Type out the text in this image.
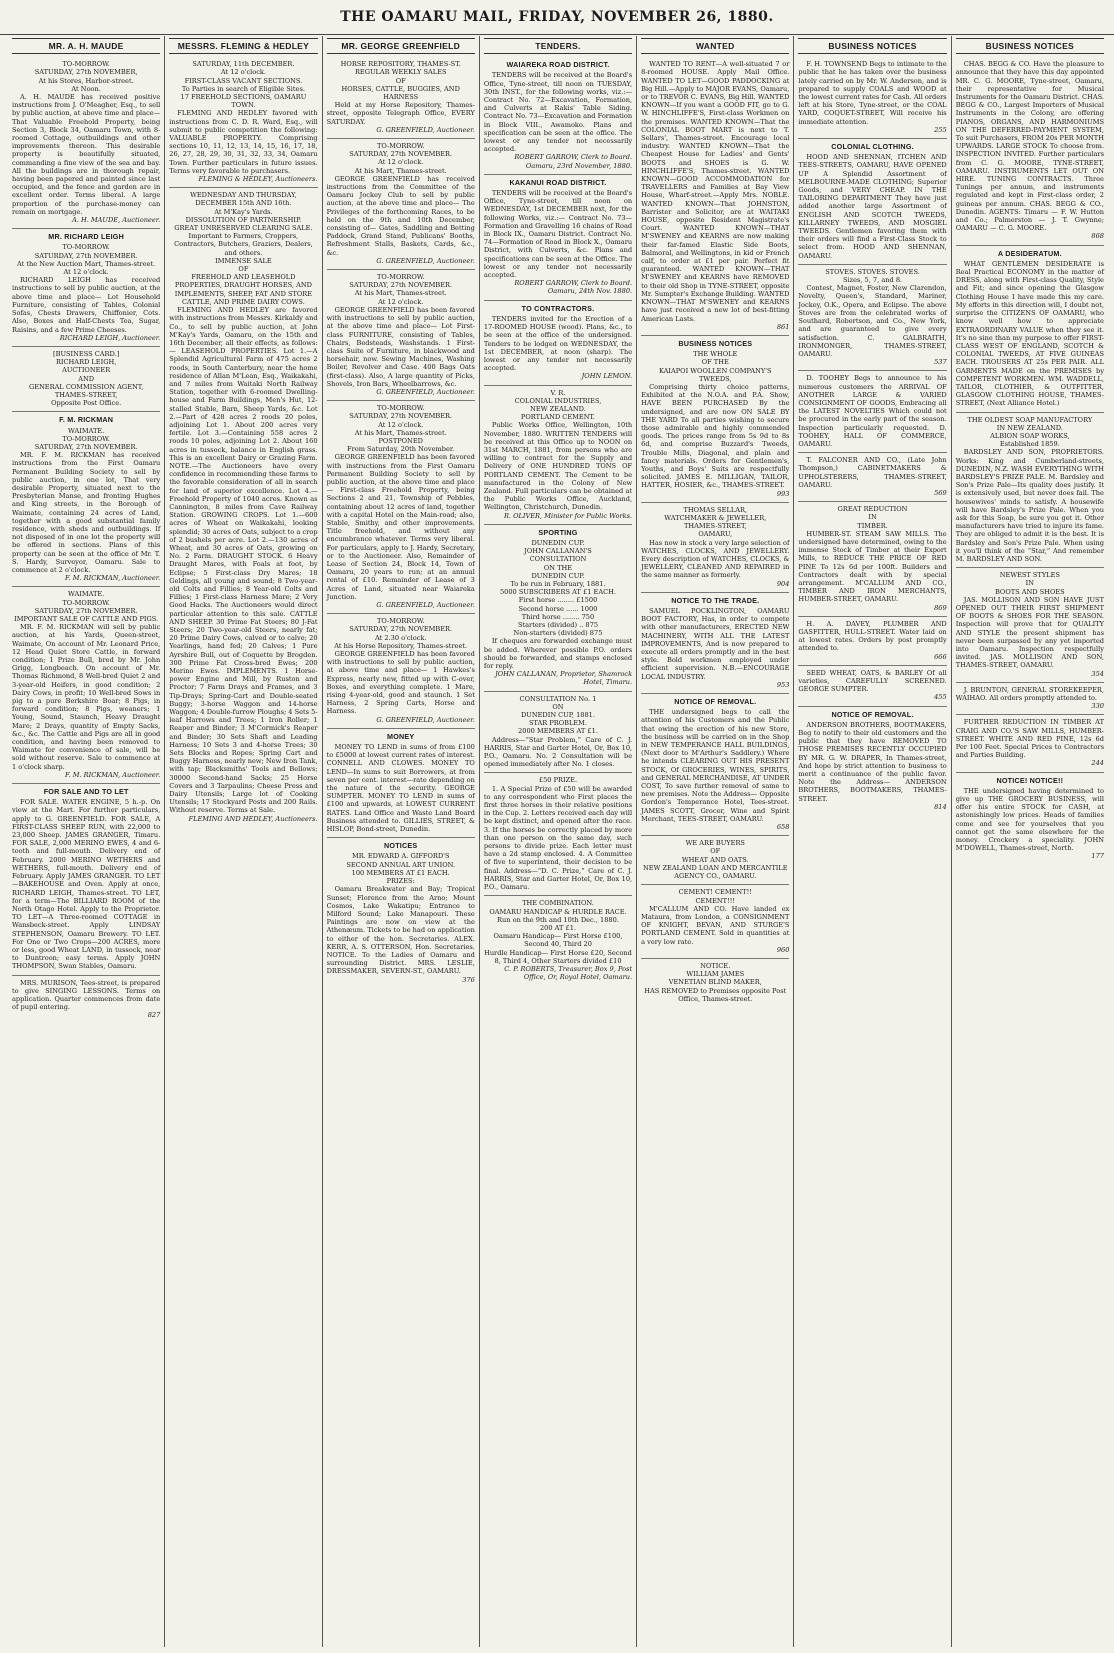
THE OAMARU MAIL, FRIDAY, NOVEMBER 26, 1880.
MR. A. H. MAUDE
TO-MORROW.
SATURDAY, 27th NOVEMBER,
At his Stores, Harbor-street.
At Noon.
A. H. MAUDE has received positive instructions from J. O'Meagher, Esq., to sell by public auction, at above time and place— That Valuable Freehold Property, being Section 3, Block 34, Oamaru Town, with 8-roomed Cottage, outbuildings and other improvements thereon. This desirable property is beautifully situated, commanding a fine view of the sea and bay. All the buildings are in thorough repair, having been papered and painted since last occupied, and the fence and garden are in excellent order. Terms liberal. A large proportion of the purchase-money can remain on mortgage.
A. H. MAUDE, Auctioneer.
MR. RICHARD LEIGH
TO-MORROW.
SATURDAY, 27th NOVEMBER.
At the New Auction Mart, Thames-street.
At 12 o'clock.
RICHARD LEIGH has received instructions to sell by public auction, at the above time and place— Lot Household Furniture, consisting of Tables, Colonial Sofas, Chests Drawers, Chiffonier, Cots. Also, Boxes and Half-Chests Tea, Sugar, Raisins, and a few Prime Cheeses.
RICHARD LEIGH, Auctioneer.
[BUSINESS CARD.]
RICHARD LEIGH,
AUCTIONEER
AND
GENERAL COMMISSION AGENT,
THAMES-STREET,
Opposite Post Office.
F. M. RICKMAN
WAIMATE.
TO-MORROW.
SATURDAY, 27th NOVEMBER.
MR. F. M. RICKMAN has received instructions from the First Oamaru Permanent Building Society to sell by public auction, in one lot, That very desirable Property, situated next to the Presbyterian Manse, and fronting Hughes and King streets, in the Borough of Waimate, containing 24 acres of Land, together with a good substantial family residence, with sheds and outbuildings. If not disposed of in one lot the property will be offered in sections. Plans of this property can be seen at the office of Mr. T. S. Hardy, Surveyor, Oamaru. Sale to commence at 2 o'clock.
F. M. RICKMAN, Auctioneer.
WAIMATE.
TO-MORROW.
SATURDAY, 27th NOVEMBER.
IMPORTANT SALE OF CATTLE AND PIGS.
MR. F. M. RICKMAN will sell by public auction, at his Yards, Queen-street, Waimate, On account of Mr. Leonard Price, 12 Head Quiet Store Cattle, in forward condition; 1 Prize Bull, bred by Mr. John Grigg, Longbeach. On account of Mr. Thomas Richmond, 8 Well-bred Quiet 2 and 3-year-old Heifers, in good condition; 2 Dairy Cows, in profit; 10 Well-bred Sows in pig to a pure Berkshire Boar; 8 Pigs, in forward condition; 8 Pigs, weaners; 1 Young, Sound, Staunch, Heavy Draught Mare; 2 Drays, quantity of Empty Sacks, &c., &c. The Cattle and Pigs are all in good condition, and having been removed to Waimate for convenience of sale, will be sold without reserve. Sale to commence at 1 o'clock sharp.
F. M. RICKMAN, Auctioneer.
FOR SALE AND TO LET
FOR SALE. WATER ENGINE, 5 h.-p. On view at the Mart. For further particulars, apply to G. GREENFIELD. FOR SALE, A FIRST-CLASS SHEEP RUN, with 22,000 to 23,000 Sheep. JAMES GRANGER, Timaru. FOR SALE, 2,000 MERINO EWES, 4 and 6-tooth and full-mouth. Delivery end of February. 2000 MERINO WETHERS and WETHERS, full-mouth. Delivery end of February. Apply JAMES GRANGER. TO LET—BAKEHOUSE and Oven. Apply at once, RICHARD LEIGH, Thames-street. TO LET, for a term—The BILLIARD ROOM of the North Otago Hotel. Apply to the Proprietor. TO LET—A Three-roomed COTTAGE in Wansbeck-street. Apply LINDSAY STEPHENSON, Oamaru Brewery. TO LET. For One or Two Crops—200 ACRES, more or less, good Wheat LAND, in tussock, near to Duntroon; easy terms. Apply JOHN THOMPSON, Swan Stables, Oamaru.
MRS. MURISON, Tees-street, is prepared to give SINGING LESSONS. Terms on application. Quarter commences from date of pupil entering.
827
MESSRS. FLEMING & HEDLEY
SATURDAY, 11th DECEMBER.
At 12 o'clock.
FIRST-CLASS VACANT SECTIONS.
To Parties in search of Eligible Sites.
17 FREEHOLD SECTIONS, OAMARU TOWN.
FLEMING AND HEDLEY favored with instructions from C. D. R. Ward, Esq., will submit to public competition the following: VALUABLE PROPERTY. Comprising sections 10, 11, 12, 13, 14, 15, 16, 17, 18, 26, 27, 28, 29, 30, 31, 32, 33, 34, Oamaru Town. Further particulars in future issues. Terms very favorable to purchasers.
FLEMING & HEDLEY, Auctioneers.
WEDNESDAY AND THURSDAY, DECEMBER 15th AND 16th.
At M'Kay's Yards.
DISSOLUTION OF PARTNERSHIP.
GREAT UNRESERVED CLEARING SALE.
Important to Farmers, Croppers, Contractors, Butchers, Graziers, Dealers, and others.
IMMENSE SALE
OF
FREEHOLD AND LEASEHOLD PROPERTIES, DRAUGHT HORSES, AND IMPLEMENTS, SHEEP, FAT AND STORE CATTLE, AND PRIME DAIRY COWS.
FLEMING AND HEDLEY are favored with instructions from Messrs. Kirkaldy and Co., to sell by public auction, at John M'Kay's Yards, Oamaru, on the 15th and 16th December, all their effects, as follows:— LEASEHOLD PROPERTIES. Lot 1.—A Splendid Agricultural Farm of 475 acres 2 roods, in South Canterbury, near the home residence of Allan M'Lean, Esq., Waikakahi, and 7 miles from Waitaki North Railway Station, together with 6-roomed Dwelling-house and Farm Buildings, Men's Hut, 12-stalled Stable, Barn, Sheep Yards, &c. Lot 2.—Part of 428 acres 2 roods 20 poles, adjoining Lot 1. About 200 acres very fertile. Lot 3.—Containing 558 acres 2 roods 10 poles, adjoining Lot 2. About 160 acres in tussock, balance in English grass. This is an excellent Dairy or Grazing Farm. NOTE.—The Auctioneers have every confidence in recommending these farms to the favorable consideration of all in search for land of superior excellence. Lot 4.—Freehold Property of 1040 acres. Known as Cannington, 8 miles from Cave Railway Station. GROWING CROPS. Lot 1.—600 acres of Wheat on Waikakahi, looking splendid; 30 acres of Oats, subject to a crop of 2 bushels per acre. Lot 2.—130 acres of Wheat, and 30 acres of Oats, growing on No. 2 Farm. DRAUGHT STOCK. 6 Heavy Draught Mares, with Foals at foot, by Eclipse; 5 First-class Dry Mares; 18 Geldings, all young and sound; 8 Two-year-old Colts and Fillies; 8 Year-old Colts and Fillies; 1 First-class Harness Mare; 2 Very Good Hacks. The Auctioneers would direct particular attention to this sale. CATTLE AND SHEEP. 30 Prime Fat Steers; 80 J-Fat Steers; 20 Two-year-old Steers, nearly fat; 20 Prime Dairy Cows, calved or to calve; 20 Yearlings, hand fed; 20 Calves; 1 Pure Ayrshire Bull, out of Coquette by Brogden. 300 Prime Fat Cross-bred Ewes; 200 Merino Ewes. IMPLEMENTS. 1 Horse-power Engine and Mill, by Ruston and Proctor; 7 Farm Drays and Frames, and 3 Tip-Drays; Spring-Cart and Double-seated Buggy; 3-horse Waggon and 14-horse Waggon; 4 Double-furrow Ploughs; 4 Sets 5-leaf Harrows and Trees; 1 Iron Roller; 1 Reaper and Binder; 3 M'Cormick's Reaper and Binder; 30 Sets Shaft and Leading Harness; 10 Sets 3 and 4-horse Trees; 30 Sets Blocks and Ropes; Spring Cart and Buggy Harness, nearly new; New Iron Tank, with tap; Blacksmiths' Tools and Bellows; 30000 Second-hand Sacks; 25 Horse Covers and 3 Tarpaulins; Cheese Press and Dairy Utensils; Large lot of Cooking Utensils; 17 Stockyard Posts and 200 Rails. Without reserve. Terms at Sale.
FLEMING AND HEDLEY, Auctioneers.
MR. GEORGE GREENFIELD
HORSE REPOSITORY, THAMES-ST.
REGULAR WEEKLY SALES
OF
HORSES, CATTLE, BUGGIES, AND HARNESS
Held at my Horse Repository, Thames-street, opposite Telegraph Office, EVERY SATURDAY.
G. GREENFIELD, Auctioneer.
TO-MORROW.
SATURDAY, 27th NOVEMBER.
At 12 o'clock.
At his Mart, Thames-street.
GEORGE GREENFIELD has received instructions from the Committee of the Oamaru Jockey Club to sell by public auction, at the above time and place— The Privileges of the forthcoming Races, to be held on the 9th and 10th December, consisting of— Gates, Saddling and Betting Paddock, Grand Stand, Publicans' Booths, Refreshment Stalls, Baskets, Cards, &c., &c.
G. GREENFIELD, Auctioneer.
TO-MORROW.
SATURDAY, 27th NOVEMBER.
At his Mart, Thames-street.
At 12 o'clock.
GEORGE GREENFIELD has been favored with instructions to sell by public auction, at the above time and place— Lot First-class FURNITURE, consisting of Tables, Chairs, Bedsteads, Washstands. 1 First-class Suite of Furniture, in blackwood and horsehair, now. Sewing Machines, Washing Boiler, Revolver and Case. 400 Bags Oats (first-class). Also, A large quantity of Picks, Shovels, Iron Bars, Wheelbarrows, &c.
G. GREENFIELD, Auctioneer.
TO-MORROW.
SATURDAY, 27th NOVEMBER.
At 12 o'clock.
At his Mart, Thames-street.
POSTPONED
From Saturday, 20th November.
GEORGE GREENFIELD has been favored with instructions from the First Oamaru Permanent Building Society to sell by public auction, at the above time and place— First-class Freehold Property, being Sections 2 and 21, Township of Pebbles, containing about 12 acres of land, together with a capital Hotel on the Main-road; also, Stable, Smithy, and other improvements. Title freehold, and without any encumbrance whatever. Terms very liberal. For particulars, apply to J. Hardy, Secretary, or to the Auctioneer. Also, Remainder of Lease of Section 24, Block 14, Town of Oamaru, 20 years to run; at an annual rental of £10. Remainder of Lease of 3 Acres of Land, situated near Waiareka Junction.
G. GREENFIELD, Auctioneer.
TO-MORROW.
SATURDAY, 27th NOVEMBER.
At 2.30 o'clock.
At his Horse Repository, Thames-street.
GEORGE GREENFIELD has been favored with instructions to sell by public auction, at above time and place— 1 Hawkes's Express, nearly new, fitted up with C-over, Boxes, and everything complete. 1 Mare, rising 4-year-old, good and staunch. 1 Set Harness, 2 Spring Carts, Horse and Harness.
G. GREENFIELD, Auctioneer.
MONEY
MONEY TO LEND in sums of from £100 to £5000 at lowest current rates of interest. CONNELL AND CLOWES. MONEY TO LEND—In sums to suit Borrowers, at from seven per cent. interest—rate depending on the nature of the security. GEORGE SUMPTER. MONEY TO LEND in sums of £100 and upwards, at LOWEST CURRENT RATES. Land Office and Waste Land Board Business attended to. GILLIES, STREET, & HISLOP, Bond-street, Dunedin.
NOTICES
MR. EDWARD A. GIFFORD'S
SECOND ANNUAL ART UNION.
100 MEMBERS AT £1 EACH.
PRIZES:
Oamaru Breakwater and Bay; Tropical Sunset; Florence from the Arno; Mount Cosmos, Lake Wakatipu; Entrance to Milford Sound; Lake Manapouri. These Paintings are now on view at the Athenæum. Tickets to be had on application to either of the hon. Secretaries. ALEX. KERR, A. S. OTTERSON, Hon. Secretaries. NOTICE. To the Ladies of Oamaru and surrounding District. MRS. LESLIE, DRESSMAKER, SEVERN-ST., OAMARU.
376
TENDERS.
WAIAREKA ROAD DISTRICT.
TENDERS will be received at the Board's Office, Tyne-street, till noon on TUESDAY, 30th INST., for the following works, viz.:— Contract No. 72—Excavation, Formation, and Culverts at Rakis' Table Siding. Contract No. 73—Excavation and Formation in Block VIII., Awamoko. Plans and specification can be seen at the office. The lowest or any tender not necessarily accepted.
ROBERT GARROW, Clerk to Board. Oamaru, 23rd November, 1880.
KAKANUI ROAD DISTRICT.
TENDERS will be received at the Board's Office, Tyne-street, till noon on WEDNESDAY, 1st DECEMBER next, for the following Works, viz.:— Contract No. 73—Formation and Gravelling 16 chains of Road in Block IX., Oamaru District. Contract No. 74—Formation of Road in Block X., Oamaru District, with Culverts, &c. Plans and specifications can be seen at the Office. The lowest or any tender not necessarily accepted.
ROBERT GARROW, Clerk to Board. Oamaru, 24th Nov. 1880.
TO CONTRACTORS.
TENDERS invited for the Erection of a 17-ROOMED HOUSE (wood). Plans, &c., to be seen at the office of the undersigned. Tenders to be lodged on WEDNESDAY, the 1st DECEMBER, at noon (sharp). The lowest or any tender not necessarily accepted.
JOHN LEMON.
V. R.
COLONIAL INDUSTRIES,
NEW ZEALAND.
PORTLAND CEMENT.
Public Works Office, Wellington, 10th November, 1880. WRITTEN TENDERS will be received at this Office up to NOON on 31st MARCH, 1881, from persons who are willing to contract for the Supply and Delivery of ONE HUNDRED TONS OF PORTLAND CEMENT. The Cement to be manufactured in the Colony of New Zealand. Full particulars can be obtained at the Public Works Office, Auckland, Wellington, Christchurch, Dunedin.
R. OLIVER, Minister for Public Works.
SPORTING
DUNEDIN CUP.
JOHN CALLANAN'S
CONSULTATION
ON THE
DUNEDIN CUP.
To be run in February, 1881.
5000 SUBSCRIBERS AT £1 EACH.
First horse ........ £1500
Second horse ...... 1000
Third horse ........ 750
Starters (divided) .. 875
Non-starters (divided) 875
If cheques are forwarded exchange must be added. Wherever possible P.O. orders should be forwarded, and stamps enclosed for reply.
JOHN CALLANAN, Proprietor, Shamrock Hotel, Timaru.
CONSULTATION No. 1
ON
DUNEDIN CUP, 1881.
STAR PROBLEM.
2000 MEMBERS AT £1.
Address—“Star Problem,” Care of C. J. HARRIS, Star and Garter Hotel, Or, Box 10, P.O., Oamaru. No. 2 Consultation will be opened immediately after No. 1 closes.
£50 PRIZE.
1. A Special Prize of £50 will be awarded to any correspondent who First places the first three horses in their relative positions in the Cup. 2. Letters received each day will be kept distinct, and opened after the race. 3. If the horses be correctly placed by more than one person on the same day, such persons to divide prize. Each letter must have a 2d stamp enclosed. 4. A Committee of five to superintend, their decision to be final. Address—“D. C. Prize,” Care of C. J. HARRIS, Star and Garter Hotel, Or, Box 10, P.O., Oamaru.
THE COMBINATION.
OAMARU HANDICAP & HURDLE RACE.
Run on the 9th and 10th Dec., 1880.
200 AT £1.
Oamaru Handicap— First Horse £100, Second 40, Third 20
Hurdle Handicap— First Horse £20, Second 8, Third 4, Other Starters divided £10
C. P. ROBERTS, Treasurer, Box 9, Post Office, Or, Royal Hotel, Oamaru.
WANTED
WANTED TO RENT—A well-situated 7 or 8-roomed HOUSE. Apply Mail Office. WANTED TO LET—GOOD PADDOCKING at Big Hill.—Apply to MAJOR EVANS, Oamaru, or to TREVOR C. EVANS, Big Hill. WANTED KNOWN—If you want a GOOD FIT, go to G. W. HINCHLIFFE'S, First-class Workmen on the premises. WANTED KNOWN—That the COLONIAL BOOT MART is next to T. Sellars', Thames-street. Encourage local industry. WANTED KNOWN—That the Cheapest House for Ladies' and Gents' BOOTS and SHOES is G. W. HINCHLIFFE'S, Thames-street. WANTED KNOWN—GOOD ACCOMMODATION for TRAVELLERS and Families at Bay View House, Wharf-street.—Apply Mrs. NOBLE. WANTED KNOWN—That JOHNSTON, Barrister and Solicitor, are at WAITAKI HOUSE, opposite Resident Magistrate's Court. WANTED KNOWN—THAT M'SWENEY and KEARNS are now making their far-famed Elastic Side Boots, Balmoral, and Wellingtons, in kid or French calf, to order at £1 per pair. Perfect fit guaranteed. WANTED KNOWN—THAT M'SWENEY and KEARNS have REMOVED to their old Shop in TYNE-STREET, opposite Mr. Sumpter's Exchange Building. WANTED KNOWN—THAT M'SWENEY and KEARNS have just received a new lot of best-fitting American Lasts.
861
BUSINESS NOTICES
THE WHOLE
OF THE
KAIAPOI WOOLLEN COMPANY'S
TWEEDS,
Comprising thirty choice patterns, Exhibited at the N.O.A. and P.A. Show, HAVE BEEN PURCHASED By the undersigned, and are now ON SALE BY THE YARD To all parties wishing to secure those admirable and highly commended goods. The prices range from 5s 9d to 8s 6d, and comprise Buzzard's Tweeds, Trouble Mills, Diagonal, and plain and fancy materials. Orders for Gentlemen's, Youths, and Boys' Suits are respectfully solicited. JAMES E. MILLIGAN, TAILOR, HATTER, HOSIER, &c., THAMES-STREET.
993
THOMAS SELLAR,
WATCHMAKER & JEWELLER,
THAMES-STREET,
OAMARU,
Has now in stock a very large selection of WATCHES, CLOCKS, AND JEWELLERY. Every description of WATCHES, CLOCKS, & JEWELLERY, CLEANED AND REPAIRED in the same manner as formerly.
904
NOTICE TO THE TRADE.
SAMUEL POCKLINGTON, OAMARU BOOT FACTORY, Has, in order to compete with other manufacturers, ERECTED NEW MACHINERY, WITH ALL THE LATEST IMPROVEMENTS, And is now prepared to execute all orders promptly and in the best style. Bold workmen employed under efficient supervision. N.B.—ENCOURAGE LOCAL INDUSTRY.
953
NOTICE OF REMOVAL.
THE undersigned begs to call the attention of his Customers and the Public that owing the erection of his new Store, the business will be carried on in the Shop in NEW TEMPERANCE HALL BUILDINGS, (Next door to M'Arthur's Saddlery.) Where he intends CLEARING OUT HIS PRESENT STOCK, Of GROCERIES, WINES, SPIRITS, and GENERAL MERCHANDISE, AT UNDER COST, To save further removal of same to new premises. Note the Address— Opposite Gordon's Temperance Hotel, Tees-street. JAMES SCOTT, Grocer, Wine and Spirit Merchant, TEES-STREET, OAMARU.
658
WE ARE BUYERS
OF
WHEAT AND OATS.
NEW ZEALAND LOAN AND MERCANTILE AGENCY CO., OAMARU.
CEMENT! CEMENT!!
CEMENT!!!
M'CALLUM AND CO. Have landed ex Mataura, from London, a CONSIGNMENT OF KNIGHT, BEVAN, AND STURGE'S PORTLAND CEMENT. Sold in quantities at a very low rate.
960
NOTICE.
WILLIAM JAMES
VENETIAN BLIND MAKER,
HAS REMOVED to Premises opposite Post Office, Thames-street.
BUSINESS NOTICES
F. H. TOWNSEND Begs to intimate to the public that he has taken over the business lately carried on by Mr. W. Anderson, and is prepared to supply COALS and WOOD at the lowest current rates for Cash. All orders left at his Store, Tyne-street, or the COAL YARD, COQUET-STREET, Will receive his immediate attention.
255
COLONIAL CLOTHING.
HOOD AND SHENNAN, ITCHEN AND TEES-STREETS, OAMARU, HAVE OPENED UP A Splendid Assortment of MELBOURNE-MADE CLOTHING; Superior Goods, and VERY CHEAP. IN THE TAILORING DEPARTMENT They have just added another large Assortment of ENGLISH AND SCOTCH TWEEDS, KILLARNEY TWEEDS, AND MOSGIEL TWEEDS. Gentlemen favoring them with their orders will find a First-Class Stock to select from. HOOD AND SHENNAN, OAMARU.
STOVES. STOVES. STOVES.
Sizes, 5, 7, and 8.
Contest, Magnet, Foster, New Clarendon, Novelty, Queen's, Standard, Mariner, Jockey, O.K., Opera, and Eclipse. The above Stoves are from the celebrated works of Southard, Robertson, and Co., New York, and are guaranteed to give every satisfaction. C. GALBRAITH, IRONMONGER, THAMES-STREET, OAMARU.
537
D. TOOHEY Begs to announce to his numerous customers the ARRIVAL OF ANOTHER LARGE & VARIED CONSIGNMENT OF GOODS, Embracing all the LATEST NOVELTIES Which could not be procured in the early part of the season. Inspection particularly requested. D. TOOHEY, HALL OF COMMERCE, OAMARU.
T. FALCONER AND CO., (Late John Thompson,) CABINETMAKERS & UPHOLSTERERS, THAMES-STREET, OAMARU.
569
GREAT REDUCTION
IN
TIMBER.
HUMBER-ST. STEAM SAW MILLS. The undersigned have determined, owing to the immense Stock of Timber at their Export Mills, to REDUCE THE PRICE OF RED PINE To 12s 6d per 100ft. Builders and Contractors dealt with by special arrangement. M'CALLUM AND CO., TIMBER AND IRON MERCHANTS, HUMBER-STREET, OAMARU.
869
H. A. DAVEY, PLUMBER AND GASFITTER, HULL-STREET. Water laid on at lowest rates. Orders by post promptly attended to.
666
SEED WHEAT, OATS, & BARLEY Of all varieties, CAREFULLY SCREENED. GEORGE SUMPTER.
455
NOTICE OF REMOVAL.
ANDERSON BROTHERS, BOOTMAKERS, Beg to notify to their old customers and the public that they have REMOVED TO THOSE PREMISES RECENTLY OCCUPIED BY MR. G. W. DRAPER, In Thames-street, And hope by strict attention to business to merit a continuance of the public favor. Note the Address— ANDERSON BROTHERS, BOOTMAKERS, THAMES-STREET.
814
BUSINESS NOTICES
CHAS. BEGG & CO. Have the pleasure to announce that they have this day appointed MR. C. G. MOORE, Tyne-street, Oamaru, their representative for Musical Instruments for the Oamaru District. CHAS. BEGG & CO., Largest Importers of Musical Instruments in the Colony, are offering PIANOS, ORGANS, AND HARMONIUMS ON THE DEFERRED-PAYMENT SYSTEM, To suit Purchasers, FROM 20s PER MONTH UPWARDS. LARGE STOCK To choose from. INSPECTION INVITED. Further particulars from C. G. MOORE, TYNE-STREET, OAMARU. INSTRUMENTS LET OUT ON HIRE. TUNING CONTRACTS. Three Tunings per annum, and instruments regulated and kept in First-class order, 2 guineas per annum. CHAS. BEGG & CO., Dunedin. AGENTS: Timaru — F. W. Hutton and Co.; Palmerston — J. T. Gwynne; OAMARU — C. G. MOORE.
868
A DESIDERATUM.
WHAT GENTLEMEN DESIDERATE is Real Practical ECONOMY in the matter of DRESS, along with First-class Quality, Style and Fit; and since opening the Glasgow Clothing House I have made this my care. My efforts in this direction will, I doubt not, surprise the CITIZENS OF OAMARU, who know well how to appreciate EXTRAORDINARY VALUE when they see it. It's no sine than my purpose to offer FIRST-CLASS WEST OF ENGLAND, SCOTCH & COLONIAL TWEEDS, AT FIVE GUINEAS EACH. TROUSERS AT 25s PER PAIR. ALL GARMENTS MADE on the PREMISES by COMPETENT WORKMEN. WM. WADDELL, TAILOR, CLOTHIER, & OUTFITTER, GLASGOW CLOTHING HOUSE, THAMES-STREET, (Next Alliance Hotel.)
THE OLDEST SOAP MANUFACTORY
IN NEW ZEALAND.
ALBION SOAP WORKS,
Established 1859.
BARDSLEY AND SON, PROPRIETORS. Works: King and Cumberland-streets, DUNEDIN, N.Z. WASH EVERYTHING WITH BARDSLEY'S PRIZE PALE. M. Bardsley and Son's Prize Pale—Its quality does justify. It is extensively used, but never does fail. The housewives' minds to satisfy. A housewife will have Bardsley's Prize Pale. When you ask for this Soap, be sure you get it. Other manufacturers have tried to injure its fame. They are obliged to admit it is the best. It is Bardsley and Son's Prize Pale. When using it you'll think of the “Star,” And remember M. BARDSLEY AND SON.
NEWEST STYLES
IN
BOOTS AND SHOES
JAS. MOLLISON AND SON HAVE JUST OPENED OUT THEIR FIRST SHIPMENT OF BOOTS & SHOES FOR THE SEASON. Inspection will prove that for QUALITY AND STYLE the present shipment has never been surpassed by any yet imported into Oamaru. Inspection respectfully invited. JAS. MOLLISON AND SON, THAMES-STREET, OAMARU.
354
J. BRUNTON, GENERAL STOREKEEPER, WAIHAO. All orders promptly attended to.
330
FURTHER REDUCTION IN TIMBER AT CRAIG AND CO.'S SAW MILLS, HUMBER-STREET. WHITE AND RED PINE, 12s 6d Per 100 Feet. Special Prices to Contractors and Parties Building.
244
NOTICE! NOTICE!!
THE undersigned having determined to give up THE GROCERY BUSINESS, will offer his entire STOCK for CASH, at astonishingly low prices. Heads of families come and see for yourselves that you cannot get the same elsewhere for the money. Crockery a speciality. JOHN M'DOWELL, Thames-street, North.
177
